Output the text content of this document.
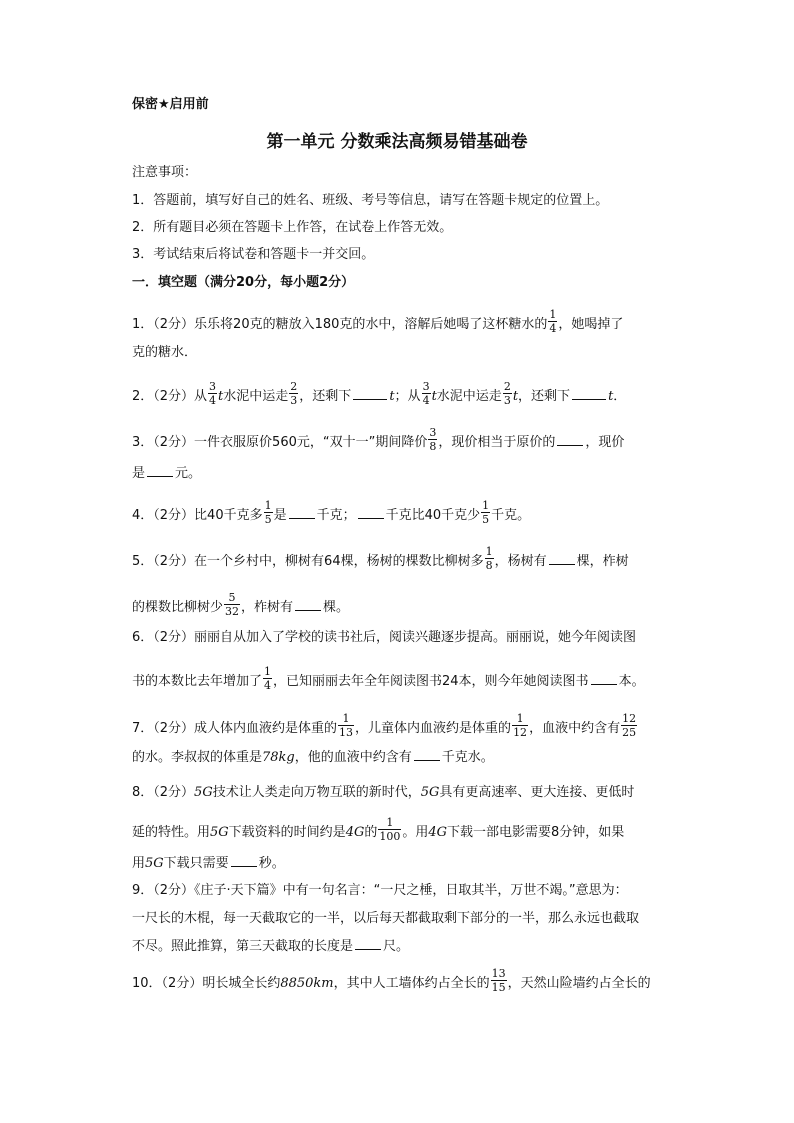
保密★启用前
第一单元 分数乘法高频易错基础卷
注意事项：
1．答题前，填写好自己的姓名、班级、考号等信息，请写在答题卡规定的位置上。
2．所有题目必须在答题卡上作答，在试卷上作答无效。
3．考试结束后将试卷和答题卡一并交回。
一．填空题（满分20分，每小题2分）
1．（2分）乐乐将20克的糖放入180克的水中，溶解后她喝了这杯糖水的 $\frac{1}{4}$ ，她喝掉了
克的糖水．
2．（2分）从 $\frac{3}{4}$ t水泥中运走 $\frac{2}{3}$ ，还剩下	t；从 $\frac{3}{4}$ t水泥中运走 $\frac{2}{3}$ t，还剩下	t．
3．（2分）一件衣服原价560元，“双十一”期间降价 $\frac{3}{8}$ ，现价相当于原价的 ，现价
是 元。
4．（2分）比40千克多 $\frac{1}{5}$ 是 千克； 千克比40千克少 $\frac{1}{5}$ 千克。
5．（2分）在一个乡村中，柳树有64棵，杨树的棵数比柳树多 $\frac{1}{8}$ ，杨树有 棵，柞树
的棵数比柳树少 $\frac{5}{32}$ ，柞树有 棵。
6．（2分）丽丽自从加入了学校的读书社后，阅读兴趣逐步提高。丽丽说，她今年阅读图
书的本数比去年增加了 $\frac{1}{4}$ ，已知丽丽去年全年阅读图书24本，则今年她阅读图书 本。
7．（2分）成人体内血液约是体重的 $\frac{1}{13}$ ，儿童体内血液约是体重的 $\frac{1}{12}$ ，血液中约含有 $\frac{12}{25}$
的水。李叔叔的体重是78kg，他的血液中约含有 千克水。
8．（2分）5G技术让人类走向万物互联的新时代，5G具有更高速率、更大连接、更低时
延的特性。用5G下载资料的时间约是4G的 $\frac{1}{100}$ 。用4G下载一部电影需要8分钟，如果
用5G下载只需要 秒。
9．（2分）《庄子·天下篇》中有一句名言：“一尺之棰，日取其半，万世不竭。”意思为：
一尺长的木棍，每一天截取它的一半，以后每天都截取剩下部分的一半，那么永远也截取
不尽。照此推算，第三天截取的长度是 尺。
10．（2分）明长城全长约8850km，其中人工墙体约占全长的 $\frac{13}{15}$ ，天然山险墙约占全长的
